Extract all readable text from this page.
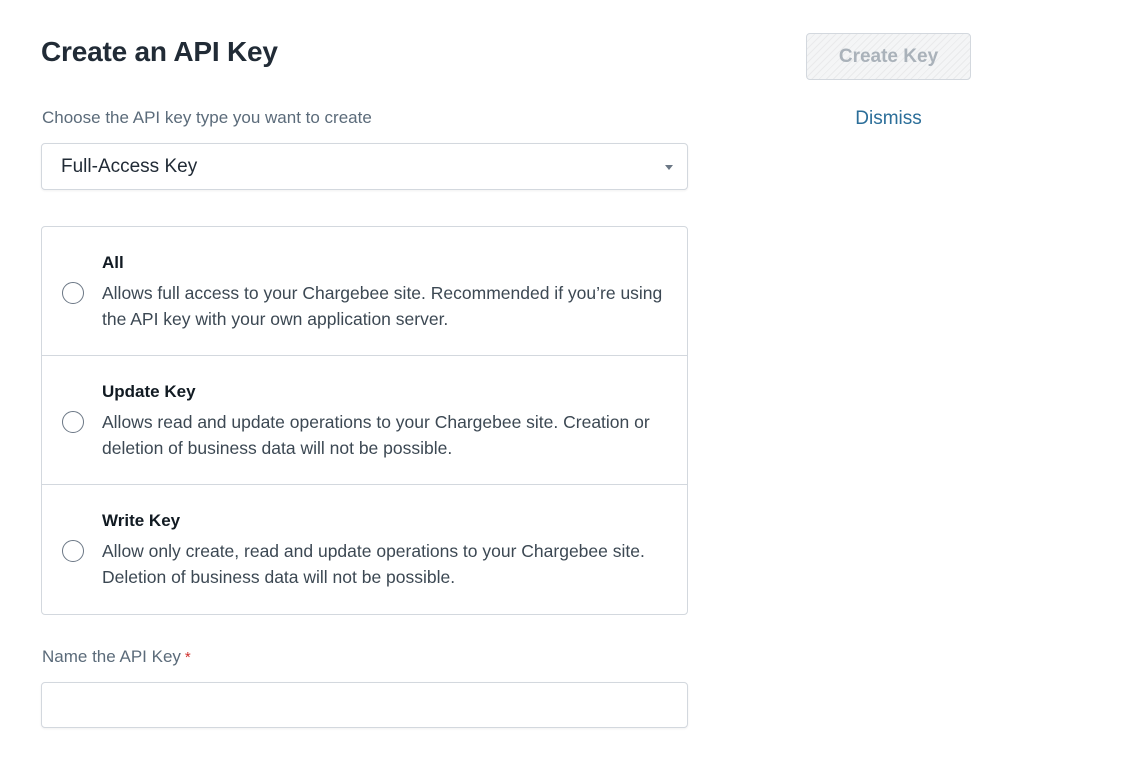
Create an API Key
Choose the API key type you want to create
Full-Access Key
All
Allows full access to your Chargebee site. Recommended if you’re using the API key with your own application server.
Update Key
Allows read and update operations to your Chargebee site. Creation or deletion of business data will not be possible.
Write Key
Allow only create, read and update operations to your Chargebee site. Deletion of business data will not be possible.
Name the API Key *
Create Key
Dismiss
